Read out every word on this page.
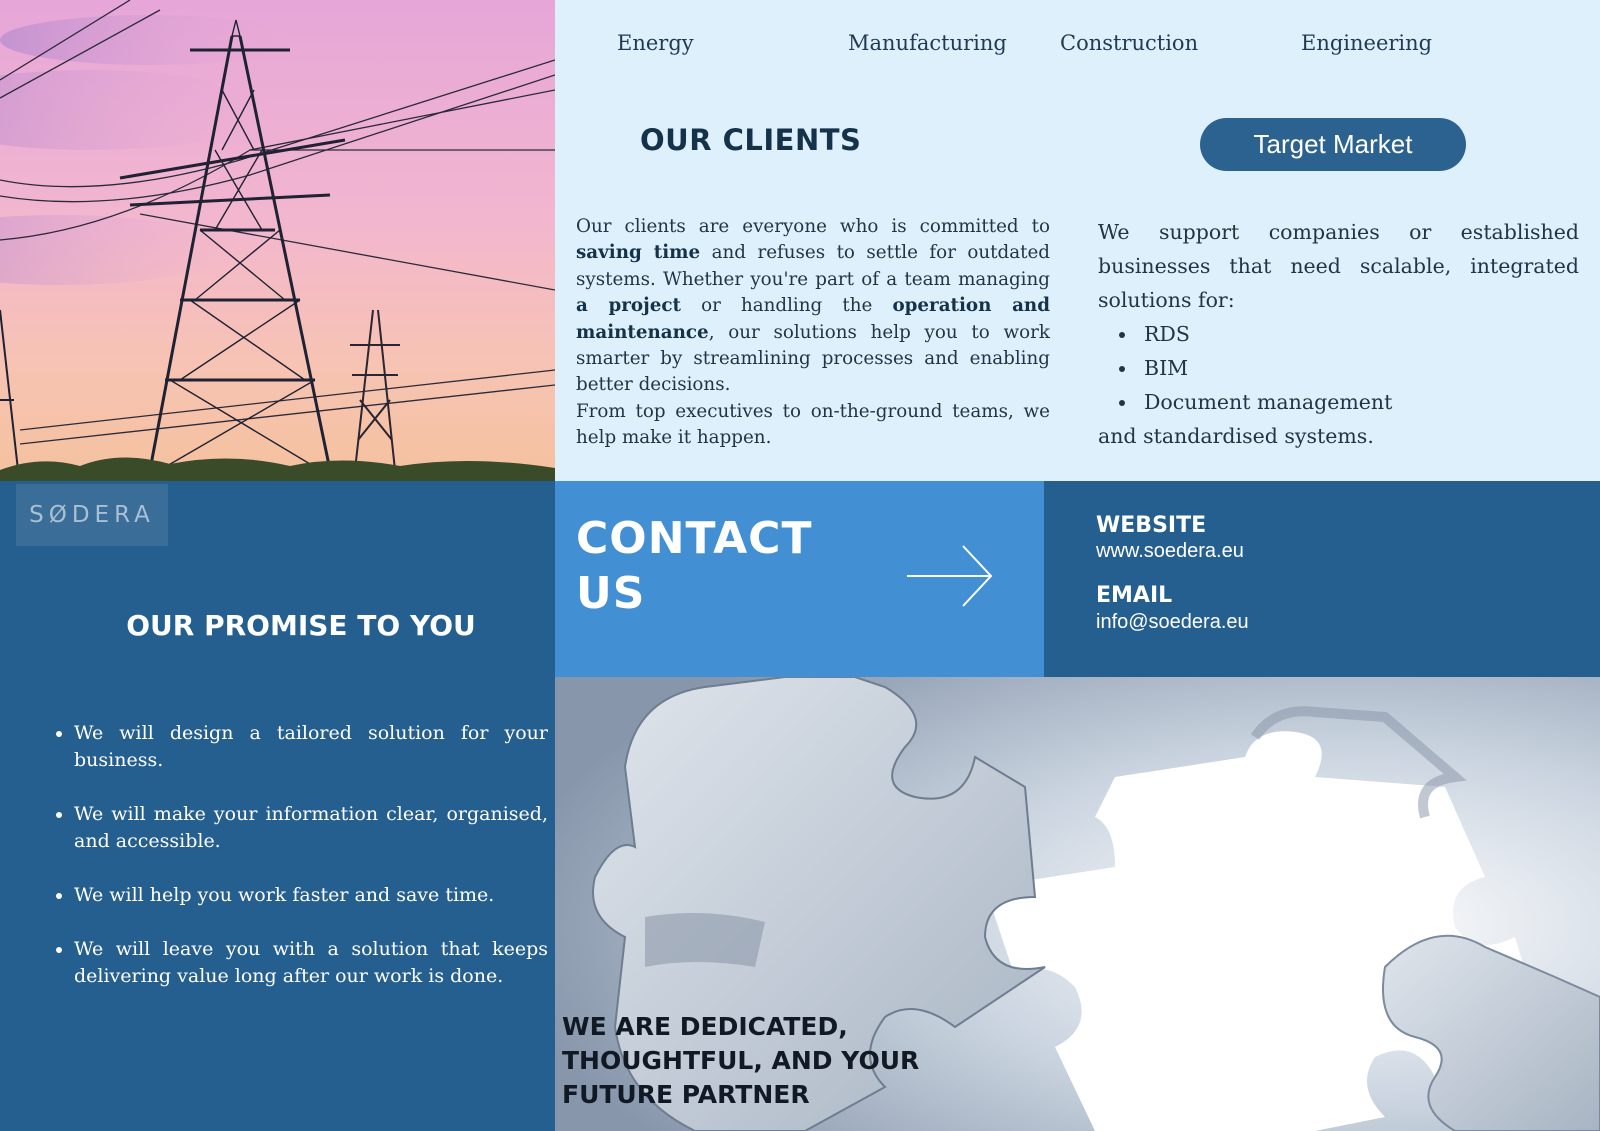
Energy	Manufacturing	Construction	Engineering
OUR CLIENTS	Target Market
Our clients are everyone who is committed to saving time and refuses to settle for outdated systems. Whether you're part of a team managing a project or handling the operation and maintenance, our solutions help you to work smarter by streamlining processes and enabling better decisions.
From top executives to on-the-ground teams, we help make it happen.
We support companies or established businesses that need scalable, integrated solutions for:
• RDS
• BIM
• Document management
and standardised systems.
SØDERA
OUR PROMISE TO YOU
• We will design a tailored solution for your business.
• We will make your information clear, organised, and accessible.
• We will help you work faster and save time.
• We will leave you with a solution that keeps delivering value long after our work is done.
CONTACT
US
WEBSITE
www.soedera.eu
EMAIL
info@soedera.eu
WE ARE DEDICATED,
THOUGHTFUL, AND YOUR
FUTURE PARTNER
